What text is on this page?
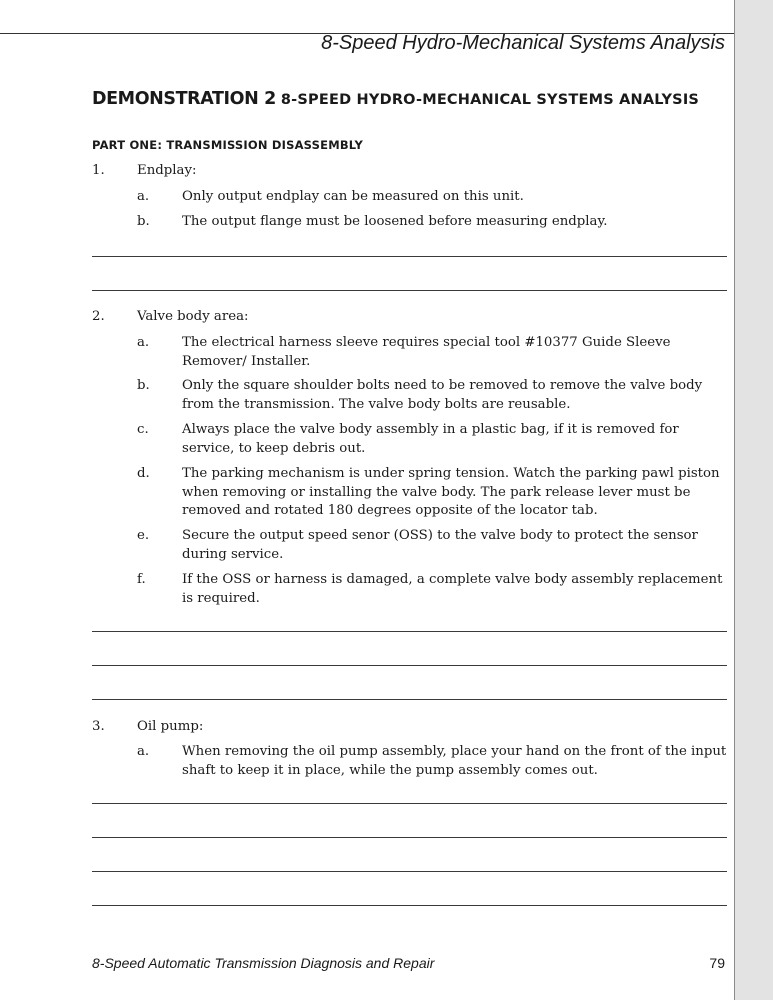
8-Speed Hydro-Mechanical Systems Analysis
DEMONSTRATION 2 8-SPEED HYDRO-MECHANICAL SYSTEMS ANALYSIS
PART ONE: TRANSMISSION DISASSEMBLY
1. Endplay:
a. Only output endplay can be measured on this unit.
b. The output flange must be loosened before measuring endplay.
2. Valve body area:
a. The electrical harness sleeve requires special tool #10377 Guide Sleeve Remover/ Installer.
b. Only the square shoulder bolts need to be removed to remove the valve body from the transmission. The valve body bolts are reusable.
c.	Always place the valve body assembly in a plastic bag, if it is removed for service, to keep debris out.
d. The parking mechanism is under spring tension. Watch the parking pawl piston when removing or installing the valve body. The park release lever must be removed and rotated 180 degrees opposite of the locator tab.
e. Secure the output speed senor (OSS) to the valve body to protect the sensor during service.
f.	If the OSS or harness is damaged, a complete valve body assembly replacement is required.
3. Oil pump:
a. When removing the oil pump assembly, place your hand on the front of the input shaft to keep it in place, while the pump assembly comes out.
8-Speed Automatic Transmission Diagnosis and Repair	79
